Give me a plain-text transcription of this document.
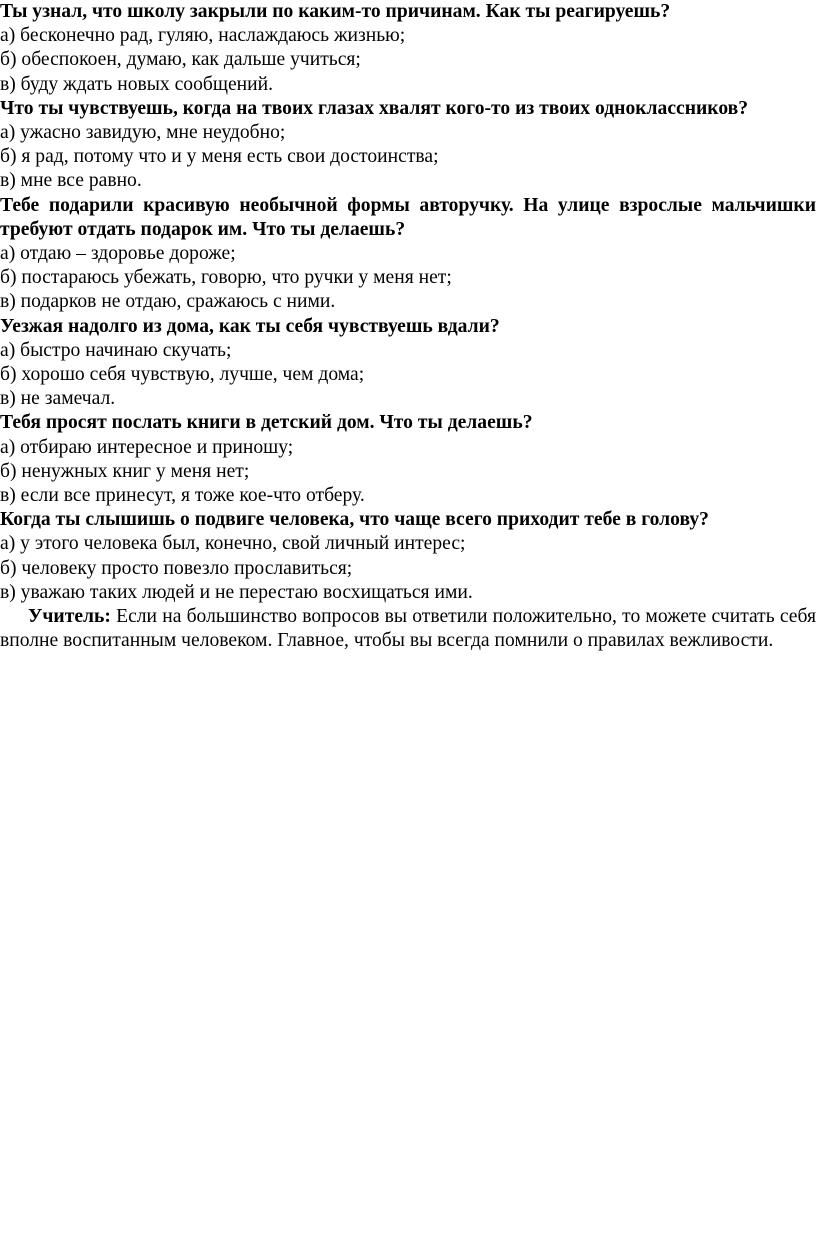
Ты узнал, что школу закрыли по каким-то причинам. Как ты реагируешь?

а) бесконечно рад, гуляю, наслаждаюсь жизнью;

б) обеспокоен, думаю, как дальше учиться;

в) буду ждать новых сообщений.

Что ты чувствуешь, когда на твоих глазах хвалят кого-то из твоих одноклассников?

а) ужасно завидую, мне неудобно;

б) я рад, потому что и у меня есть свои достоинства;

в) мне все равно.

Тебе подарили красивую необычной формы авторучку. На улице взрослые мальчишки требуют отдать подарок им. Что ты делаешь?

а) отдаю – здоровье дороже;

б) постараюсь убежать, говорю, что ручки у меня нет;

в) подарков не отдаю, сражаюсь с ними.

Уезжая надолго из дома, как ты себя чувствуешь вдали?

а) быстро начинаю скучать;

б) хорошо себя чувствую, лучше, чем дома;

в) не замечал.

Тебя просят послать книги в детский дом. Что ты делаешь?

а) отбираю интересное и приношу;

б) ненужных книг у меня нет;

в) если все принесут, я тоже кое-что отберу.

Когда ты слышишь о подвиге человека, что чаще всего приходит тебе в голову?

а) у этого человека был, конечно, свой личный интерес;

б) человеку просто повезло прославиться;

в) уважаю таких людей и не перестаю восхищаться ими.

Учитель: Если на большинство вопросов вы ответили положительно, то можете считать себя вполне воспитанным человеком. Главное, чтобы вы всегда помнили о правилах вежливости.
